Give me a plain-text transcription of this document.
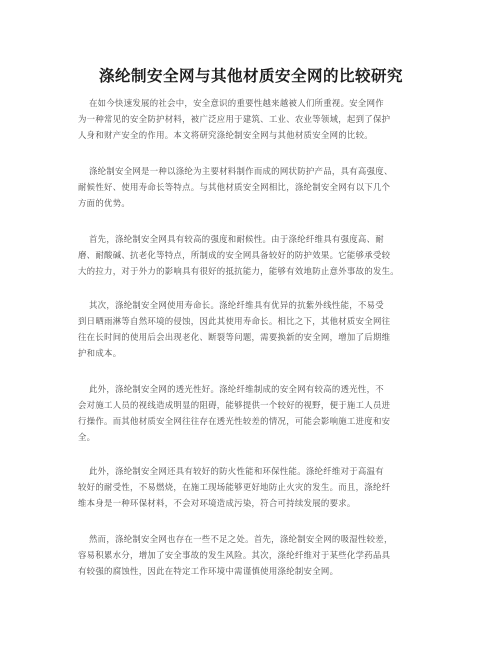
涤纶制安全网与其他材质安全网的比较研究
在如今快速发展的社会中，安全意识的重要性越来越被人们所重视。安全网作
为一种常见的安全防护材料，被广泛应用于建筑、工业、农业等领域，起到了保护
人身和财产安全的作用。本文将研究涤纶制安全网与其他材质安全网的比较。
涤纶制安全网是一种以涤纶为主要材料制作而成的网状防护产品，具有高强度、
耐候性好、使用寿命长等特点。与其他材质安全网相比，涤纶制安全网有以下几个
方面的优势。
首先，涤纶制安全网具有较高的强度和耐候性。由于涤纶纤维具有强度高、耐
磨、耐酸碱、抗老化等特点，所制成的安全网具备较好的防护效果。它能够承受较
大的拉力，对于外力的影响具有很好的抵抗能力，能够有效地防止意外事故的发生。
其次，涤纶制安全网使用寿命长。涤纶纤维具有优异的抗紫外线性能，不易受
到日晒雨淋等自然环境的侵蚀，因此其使用寿命长。相比之下，其他材质安全网往
往在长时间的使用后会出现老化、断裂等问题，需要换新的安全网，增加了后期维
护和成本。
此外，涤纶制安全网的透光性好。涤纶纤维制成的安全网有较高的透光性，不
会对施工人员的视线造成明显的阻碍，能够提供一个较好的视野，便于施工人员进
行操作。而其他材质安全网往往存在透光性较差的情况，可能会影响施工进度和安
全。
此外，涤纶制安全网还具有较好的防火性能和环保性能。涤纶纤维对于高温有
较好的耐受性，不易燃烧，在施工现场能够更好地防止火灾的发生。而且，涤纶纤
维本身是一种环保材料，不会对环境造成污染，符合可持续发展的要求。
然而，涤纶制安全网也存在一些不足之处。首先，涤纶制安全网的吸湿性较差，
容易积累水分，增加了安全事故的发生风险。其次，涤纶纤维对于某些化学药品具
有较强的腐蚀性，因此在特定工作环境中需谨慎使用涤纶制安全网。
